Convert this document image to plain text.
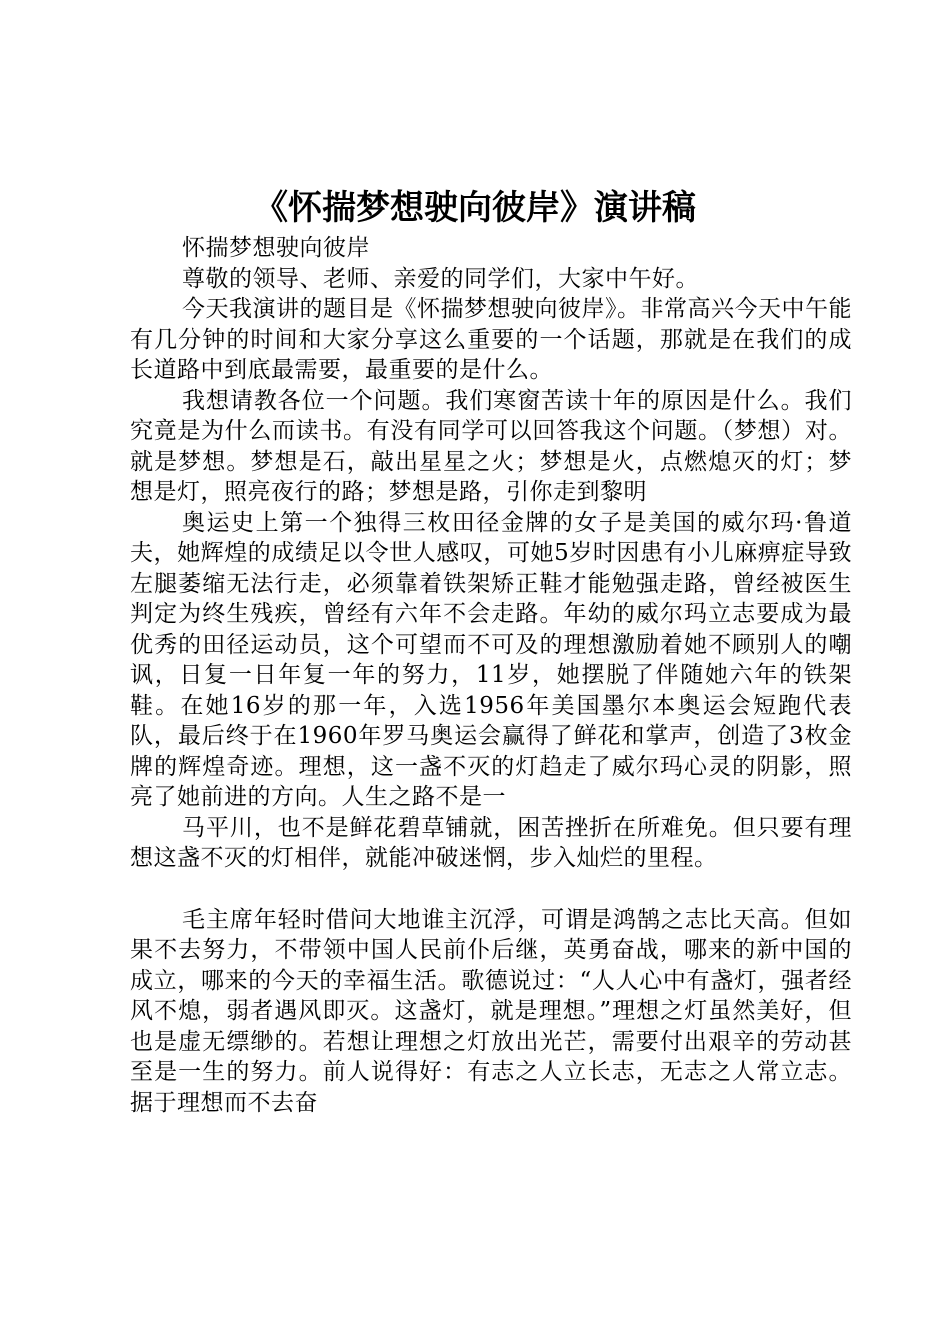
《怀揣梦想驶向彼岸》演讲稿

怀揣梦想驶向彼岸

尊敬的领导、老师、亲爱的同学们，大家中午好。

今天我演讲的题目是《怀揣梦想驶向彼岸》。非常高兴今天中午能有几分钟的时间和大家分享这么重要的一个话题，那就是在我们的成长道路中到底最需要，最重要的是什么。

我想请教各位一个问题。我们寒窗苦读十年的原因是什么。我们究竟是为什么而读书。有没有同学可以回答我这个问题。（梦想）对。就是梦想。梦想是石，敲出星星之火；梦想是火，点燃熄灭的灯；梦想是灯，照亮夜行的路；梦想是路，引你走到黎明

奥运史上第一个独得三枚田径金牌的女子是美国的威尔玛·鲁道夫，她辉煌的成绩足以令世人感叹，可她5岁时因患有小儿麻痹症导致左腿萎缩无法行走，必须靠着铁架矫正鞋才能勉强走路，曾经被医生判定为终生残疾，曾经有六年不会走路。年幼的威尔玛立志要成为最优秀的田径运动员，这个可望而不可及的理想激励着她不顾别人的嘲讽，日复一日年复一年的努力，11岁，她摆脱了伴随她六年的铁架鞋。在她16岁的那一年，入选1956年美国墨尔本奥运会短跑代表队，最后终于在1960年罗马奥运会赢得了鲜花和掌声，创造了3枚金牌的辉煌奇迹。理想，这一盏不灭的灯趋走了威尔玛心灵的阴影，照亮了她前进的方向。人生之路不是一

马平川，也不是鲜花碧草铺就，困苦挫折在所难免。但只要有理想这盏不灭的灯相伴，就能冲破迷惘，步入灿烂的里程。

毛主席年轻时借问大地谁主沉浮，可谓是鸿鹄之志比天高。但如果不去努力，不带领中国人民前仆后继，英勇奋战，哪来的新中国的成立，哪来的今天的幸福生活。歌德说过：“人人心中有盏灯，强者经风不熄，弱者遇风即灭。这盏灯，就是理想。”理想之灯虽然美好，但也是虚无缥缈的。若想让理想之灯放出光芒，需要付出艰辛的劳动甚至是一生的努力。前人说得好：有志之人立长志，无志之人常立志。据于理想而不去奋
